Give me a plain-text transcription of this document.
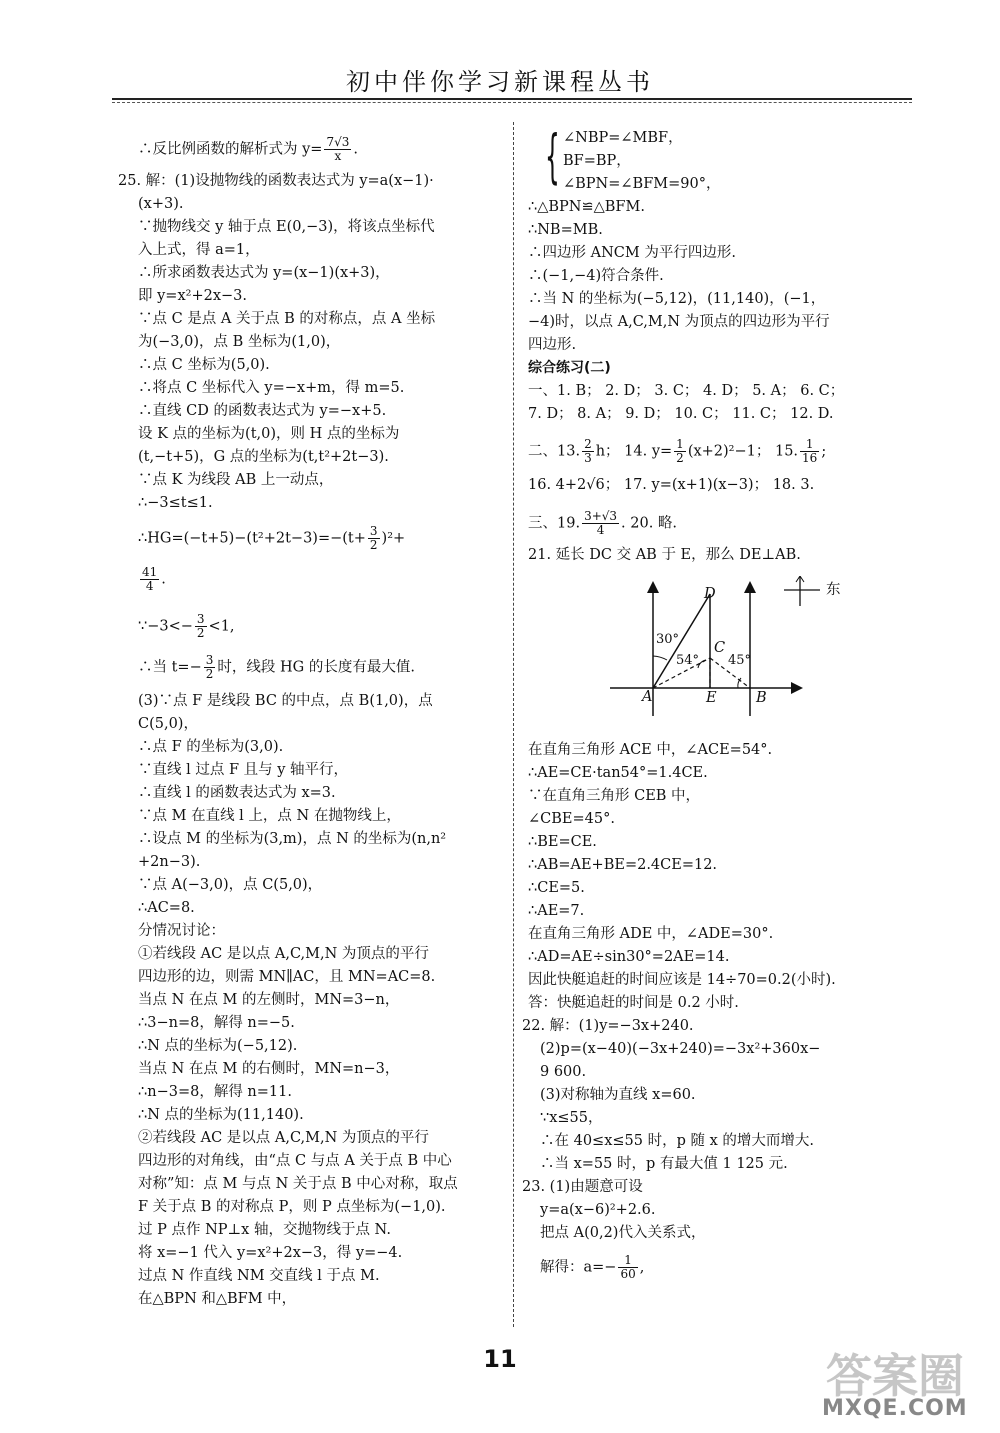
初中伴你学习新课程丛书
∴反比例函数的解析式为 $y= \frac{7√3}{x}$ .
25. 解：(1)设抛物线的函数表达式为 y=a(x−1)·
(x+3).
∵抛物线交 y 轴于点 E(0,−3)，将该点坐标代
入上式，得 a=1，
∴所求函数表达式为 y=(x−1)(x+3)，
即 y=x²+2x−3.
∵点 C 是点 A 关于点 B 的对称点，点 A 坐标
为(−3,0)，点 B 坐标为(1,0)，
∴点 C 坐标为(5,0).
∴将点 C 坐标代入 y=−x+m，得 m=5.
∴直线 CD 的函数表达式为 y=−x+5.
设 K 点的坐标为(t,0)，则 H 点的坐标为
(t,−t+5)，G 点的坐标为(t,t²+2t−3).
∵点 K 为线段 AB 上一动点，
∴−3≤t≤1.
∴HG=(−t+5)−(t²+2t−3)=−(t+ $\frac{3}{2} )^2+$
$\frac{41}{4}$ .
∵−3<− $\frac{3}{2} <1$,
∴当 $t=- \frac{3}{2}$ 时，线段 HG 的长度有最大值.
(3)∵点 F 是线段 BC 的中点，点 B(1,0)，点
C(5,0)，
∴点 F 的坐标为(3,0).
∵直线 l 过点 F 且与 y 轴平行，
∴直线 l 的函数表达式为 x=3.
∵点 M 在直线 l 上，点 N 在抛物线上，
∴设点 M 的坐标为(3,m)，点 N 的坐标为(n,n²
+2n−3).
∵点 A(−3,0)，点 C(5,0)，
∴AC=8.
分情况讨论：
①若线段 AC 是以点 A,C,M,N 为顶点的平行
四边形的边，则需 MN∥AC，且 MN=AC=8.
当点 N 在点 M 的左侧时，MN=3−n，
∴3−n=8，解得 n=−5.
∴N 点的坐标为(−5,12).
当点 N 在点 M 的右侧时，MN=n−3，
∴n−3=8，解得 n=11.
∴N 点的坐标为(11,140).
②若线段 AC 是以点 A,C,M,N 为顶点的平行
四边形的对角线，由“点 C 与点 A 关于点 B 中心
对称”知：点 M 与点 N 关于点 B 中心对称，取点
F 关于点 B 的对称点 P，则 P 点坐标为(−1,0).
过 P 点作 NP⊥x 轴，交抛物线于点 N.
将 x=−1 代入 y=x²+2x−3，得 y=−4.
过点 N 作直线 NM 交直线 l 于点 M.
在△BPN 和△BFM 中，
{ ∠NBP=∠MBF，
BF=BP，
∠BPN=∠BFM=90°，
∴△BPN≌△BFM.
∴NB=MB.
∴四边形 ANCM 为平行四边形.
∴(−1,−4)符合条件.
∴当 N 的坐标为(−5,12)，(11,140)，(−1，
−4)时，以点 A,C,M,N 为顶点的四边形为平行
四边形.
综合练习(二)
一、1. B； 2. D； 3. C； 4. D； 5. A； 6. C；
7. D； 8. A； 9. D； 10. C； 11. C； 12. D.
二、13. $\frac{2}{3}$ h； 14. $y= \frac{1}{2} (x+2)^2-1$； 15. $\frac{1}{16}$ ;
16. 4+2√6； 17. y=(x+1)(x−3)； 18. 3.
三、19. $\frac{3+√3}{4}$ . 20. 略.
21. 延长 DC 交 AB 于 E，那么 DE⊥AB.
D
C
A	E	B
东
30°
54° 45°
在直角三角形 ACE 中，∠ACE=54°.
∴AE=CE·tan54°=1.4CE.
∵在直角三角形 CEB 中，
∠CBE=45°.
∴BE=CE.
∴AB=AE+BE=2.4CE=12.
∴CE=5.
∴AE=7.
在直角三角形 ADE 中，∠ADE=30°.
∴AD=AE÷sin30°=2AE=14.
因此快艇追赶的时间应该是 14÷70=0.2(小时).
答：快艇追赶的时间是 0.2 小时.
22. 解：(1)y=−3x+240.
(2)p=(x−40)(−3x+240)=−3x²+360x−
9 600.
(3)对称轴为直线 x=60.
∵x≤55，
∴在 40≤x≤55 时，p 随 x 的增大而增大.
∴当 x=55 时，p 有最大值 1 125 元.
23. (1)由题意可设
y=a(x−6)²+2.6.
把点 A(0,2)代入关系式，
解得：$a=- \frac{1}{60}$ ,
11	答案圈
MXQE.COM
